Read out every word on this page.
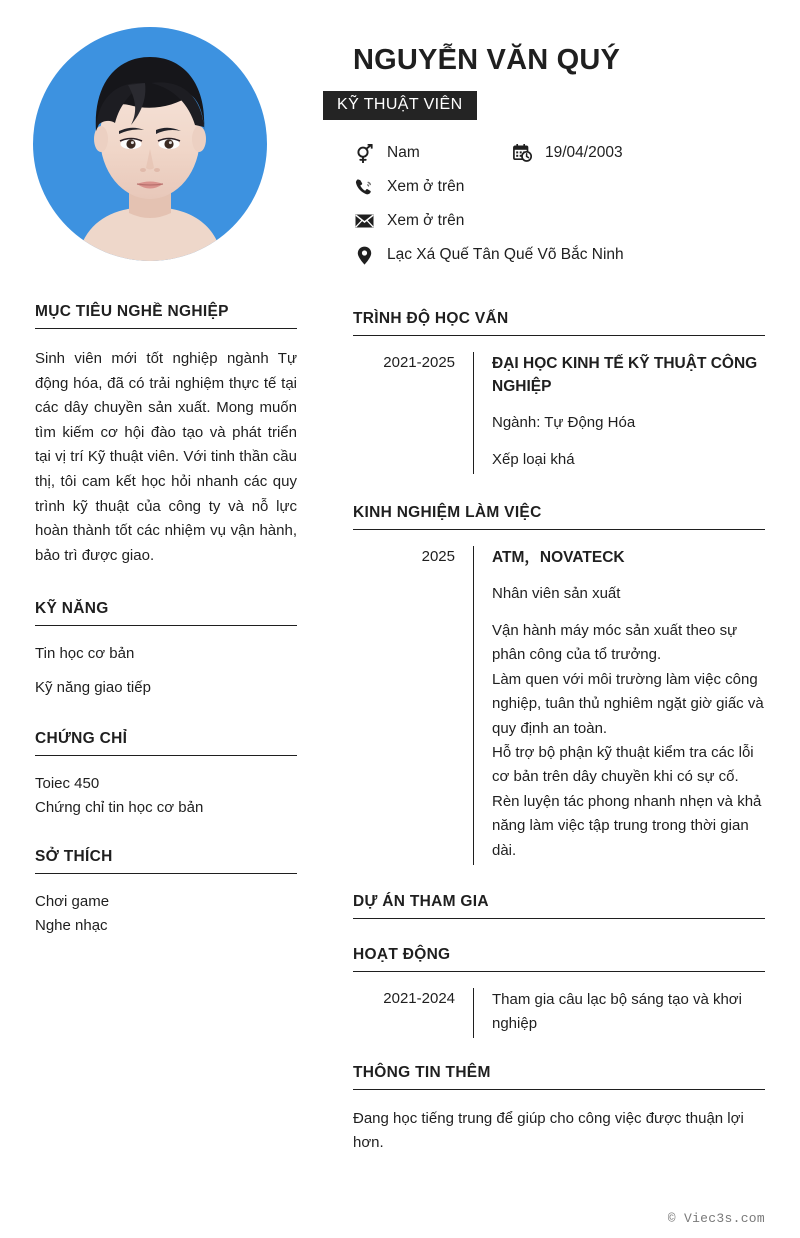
NGUYỄN VĂN QUÝ
KỸ THUẬT VIÊN
Nam	19/04/2003
Xem ở trên
Xem ở trên
Lạc Xá Quế Tân Quế Võ Bắc Ninh
MỤC TIÊU NGHỀ NGHIỆP
Sinh viên mới tốt nghiệp ngành Tự động hóa, đã có trải nghiệm thực tế tại các dây chuyền sản xuất. Mong muốn tìm kiếm cơ hội đào tạo và phát triển tại vị trí Kỹ thuật viên. Với tinh thần cầu thị, tôi cam kết học hỏi nhanh các quy trình kỹ thuật của công ty và nỗ lực hoàn thành tốt các nhiệm vụ vận hành, bảo trì được giao.
KỸ NĂNG
Tin học cơ bản
Kỹ năng giao tiếp
CHỨNG CHỈ
Toiec 450
Chứng chỉ tin học cơ bản
SỞ THÍCH
Chơi game
Nghe nhạc
TRÌNH ĐỘ HỌC VẤN
2021-2025	ĐẠI HỌC KINH TẾ KỸ THUẬT CÔNG NGHIỆP
Ngành: Tự Động Hóa
Xếp loại khá
KINH NGHIỆM LÀM VIỆC
2025	ATM，NOVATECK
Nhân viên sản xuất

Vận hành máy móc sản xuất theo sự phân công của tổ trưởng.

Làm quen với môi trường làm việc công nghiệp, tuân thủ nghiêm ngặt giờ giấc và quy định an toàn.

Hỗ trợ bộ phận kỹ thuật kiểm tra các lỗi cơ bản trên dây chuyền khi có sự cố.

Rèn luyện tác phong nhanh nhẹn và khả năng làm việc tập trung trong thời gian dài.

DỰ ÁN THAM GIA
HOẠT ĐỘNG
2021-2024	Tham gia câu lạc bộ sáng tạo và khơi nghiệp
THÔNG TIN THÊM
Đang học tiếng trung để giúp cho công việc được thuận lợi hơn.
© Viec3s.com
